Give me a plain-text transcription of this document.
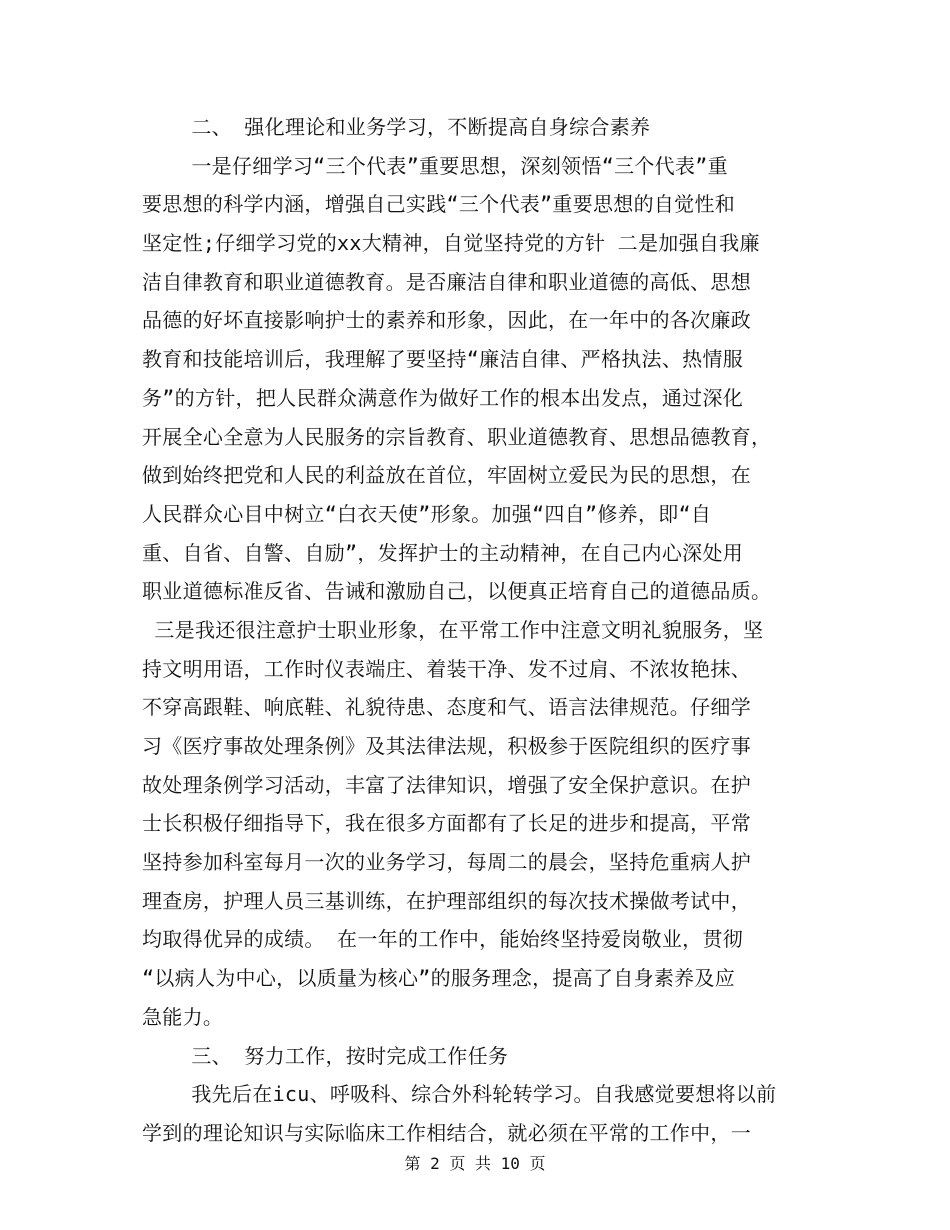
二、 强化理论和业务学习，不断提高自身综合素养
一是仔细学习“三个代表”重要思想，深刻领悟“三个代表”重
要思想的科学内涵，增强自己实践“三个代表”重要思想的自觉性和
坚定性;仔细学习党的xx大精神，自觉坚持党的方针 二是加强自我廉
洁自律教育和职业道德教育。是否廉洁自律和职业道德的高低、思想
品德的好坏直接影响护士的素养和形象，因此，在一年中的各次廉政
教育和技能培训后，我理解了要坚持“廉洁自律、严格执法、热情服
务”的方针，把人民群众满意作为做好工作的根本出发点，通过深化
开展全心全意为人民服务的宗旨教育、职业道德教育、思想品德教育，
做到始终把党和人民的利益放在首位，牢固树立爱民为民的思想，在
人民群众心目中树立“白衣天使”形象。加强“四自”修养，即“自
重、自省、自警、自励”，发挥护士的主动精神，在自己内心深处用
职业道德标准反省、告诫和激励自己，以便真正培育自己的道德品质。
三是我还很注意护士职业形象，在平常工作中注意文明礼貌服务，坚
持文明用语，工作时仪表端庄、着装干净、发不过肩、不浓妆艳抹、
不穿高跟鞋、响底鞋、礼貌待患、态度和气、语言法律规范。仔细学
习《医疗事故处理条例》及其法律法规，积极参于医院组织的医疗事
故处理条例学习活动，丰富了法律知识，增强了安全保护意识。在护
士长积极仔细指导下，我在很多方面都有了长足的进步和提高，平常
坚持参加科室每月一次的业务学习，每周二的晨会，坚持危重病人护
理查房，护理人员三基训练，在护理部组织的每次技术操做考试中，
均取得优异的成绩。 在一年的工作中，能始终坚持爱岗敬业，贯彻
“以病人为中心，以质量为核心”的服务理念，提高了自身素养及应
急能力。
三、 努力工作，按时完成工作任务
我先后在icu、呼吸科、综合外科轮转学习。自我感觉要想将以前
学到的理论知识与实际临床工作相结合，就必须在平常的工作中，一
第 2 页 共 10 页
